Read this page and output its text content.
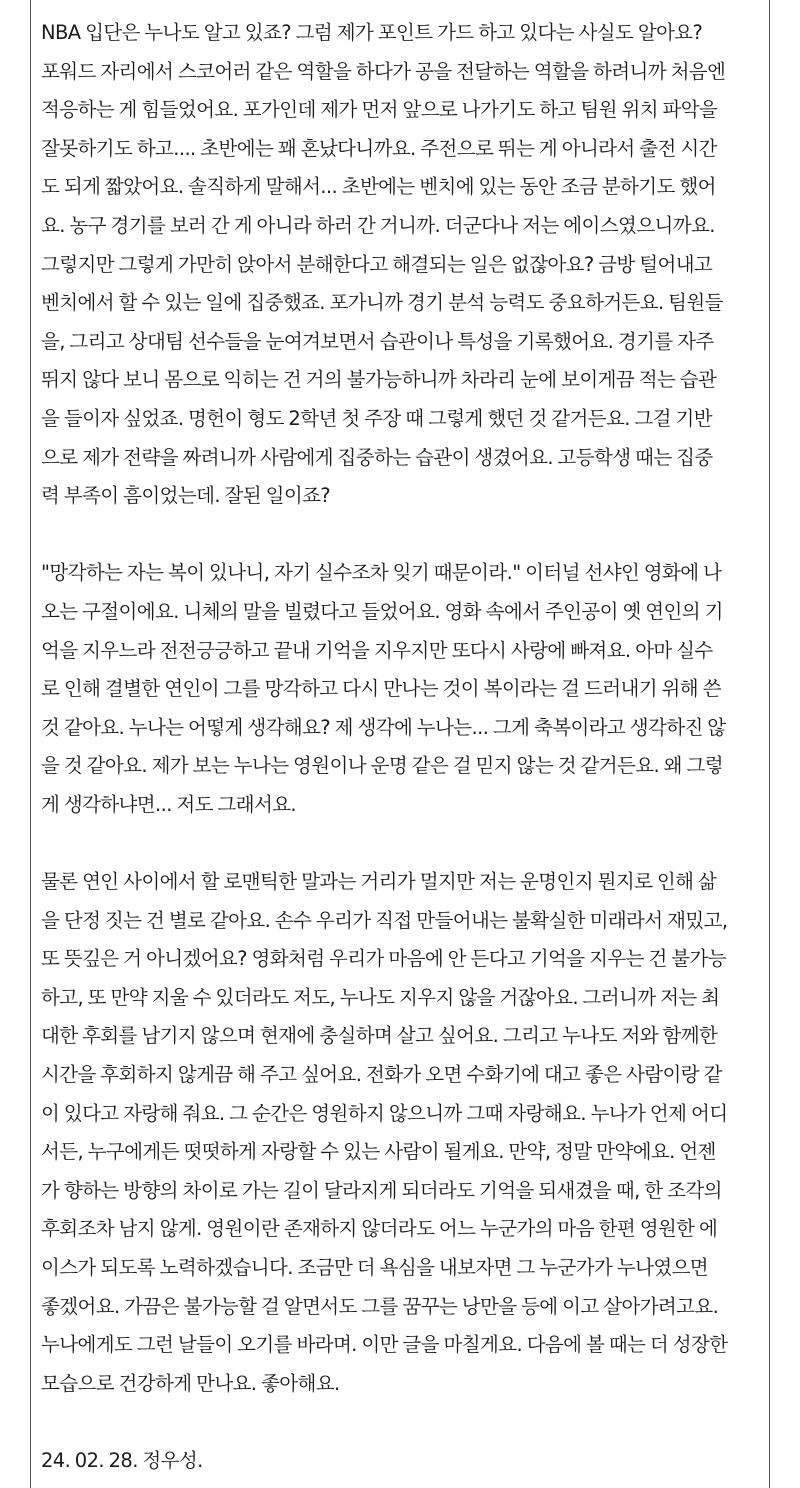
NBA 입단은 누나도 알고 있죠? 그럼 제가 포인트 가드 하고 있다는 사실도 알아요?
포워드 자리에서 스코어러 같은 역할을 하다가 공을 전달하는 역할을 하려니까 처음엔
적응하는 게 힘들었어요. 포가인데 제가 먼저 앞으로 나가기도 하고 팀원 위치 파악을
잘못하기도 하고.... 초반에는 꽤 혼났다니까요. 주전으로 뛰는 게 아니라서 출전 시간
도 되게 짧았어요. 솔직하게 말해서... 초반에는 벤치에 있는 동안 조금 분하기도 했어
요. 농구 경기를 보러 간 게 아니라 하러 간 거니까. 더군다나 저는 에이스였으니까요.
그렇지만 그렇게 가만히 앉아서 분해한다고 해결되는 일은 없잖아요? 금방 털어내고
벤치에서 할 수 있는 일에 집중했죠. 포가니까 경기 분석 능력도 중요하거든요. 팀원들
을, 그리고 상대팀 선수들을 눈여겨보면서 습관이나 특성을 기록했어요. 경기를 자주
뛰지 않다 보니 몸으로 익히는 건 거의 불가능하니까 차라리 눈에 보이게끔 적는 습관
을 들이자 싶었죠. 명헌이 형도 2학년 첫 주장 때 그렇게 했던 것 같거든요. 그걸 기반
으로 제가 전략을 짜려니까 사람에게 집중하는 습관이 생겼어요. 고등학생 때는 집중
력 부족이 흠이었는데. 잘된 일이죠?
"망각하는 자는 복이 있나니, 자기 실수조차 잊기 때문이라." 이터널 선샤인 영화에 나
오는 구절이에요. 니체의 말을 빌렸다고 들었어요. 영화 속에서 주인공이 옛 연인의 기
억을 지우느라 전전긍긍하고 끝내 기억을 지우지만 또다시 사랑에 빠져요. 아마 실수
로 인해 결별한 연인이 그를 망각하고 다시 만나는 것이 복이라는 걸 드러내기 위해 쓴
것 같아요. 누나는 어떻게 생각해요? 제 생각에 누나는... 그게 축복이라고 생각하진 않
을 것 같아요. 제가 보는 누나는 영원이나 운명 같은 걸 믿지 않는 것 같거든요. 왜 그렇
게 생각하냐면... 저도 그래서요.
물론 연인 사이에서 할 로맨틱한 말과는 거리가 멀지만 저는 운명인지 뭔지로 인해 삶
을 단정 짓는 건 별로 같아요. 손수 우리가 직접 만들어내는 불확실한 미래라서 재밌고,
또 뜻깊은 거 아니겠어요? 영화처럼 우리가 마음에 안 든다고 기억을 지우는 건 불가능
하고, 또 만약 지울 수 있더라도 저도, 누나도 지우지 않을 거잖아요. 그러니까 저는 최
대한 후회를 남기지 않으며 현재에 충실하며 살고 싶어요. 그리고 누나도 저와 함께한
시간을 후회하지 않게끔 해 주고 싶어요. 전화가 오면 수화기에 대고 좋은 사람이랑 같
이 있다고 자랑해 줘요. 그 순간은 영원하지 않으니까 그때 자랑해요. 누나가 언제 어디
서든, 누구에게든 떳떳하게 자랑할 수 있는 사람이 될게요. 만약, 정말 만약에요. 언젠
가 향하는 방향의 차이로 가는 길이 달라지게 되더라도 기억을 되새겼을 때, 한 조각의
후회조차 남지 않게. 영원이란 존재하지 않더라도 어느 누군가의 마음 한편 영원한 에
이스가 되도록 노력하겠습니다. 조금만 더 욕심을 내보자면 그 누군가가 누나였으면
좋겠어요. 가끔은 불가능할 걸 알면서도 그를 꿈꾸는 낭만을 등에 이고 살아가려고요.
누나에게도 그런 날들이 오기를 바라며. 이만 글을 마칠게요. 다음에 볼 때는 더 성장한
모습으로 건강하게 만나요. 좋아해요.
24. 02. 28. 정우성.
